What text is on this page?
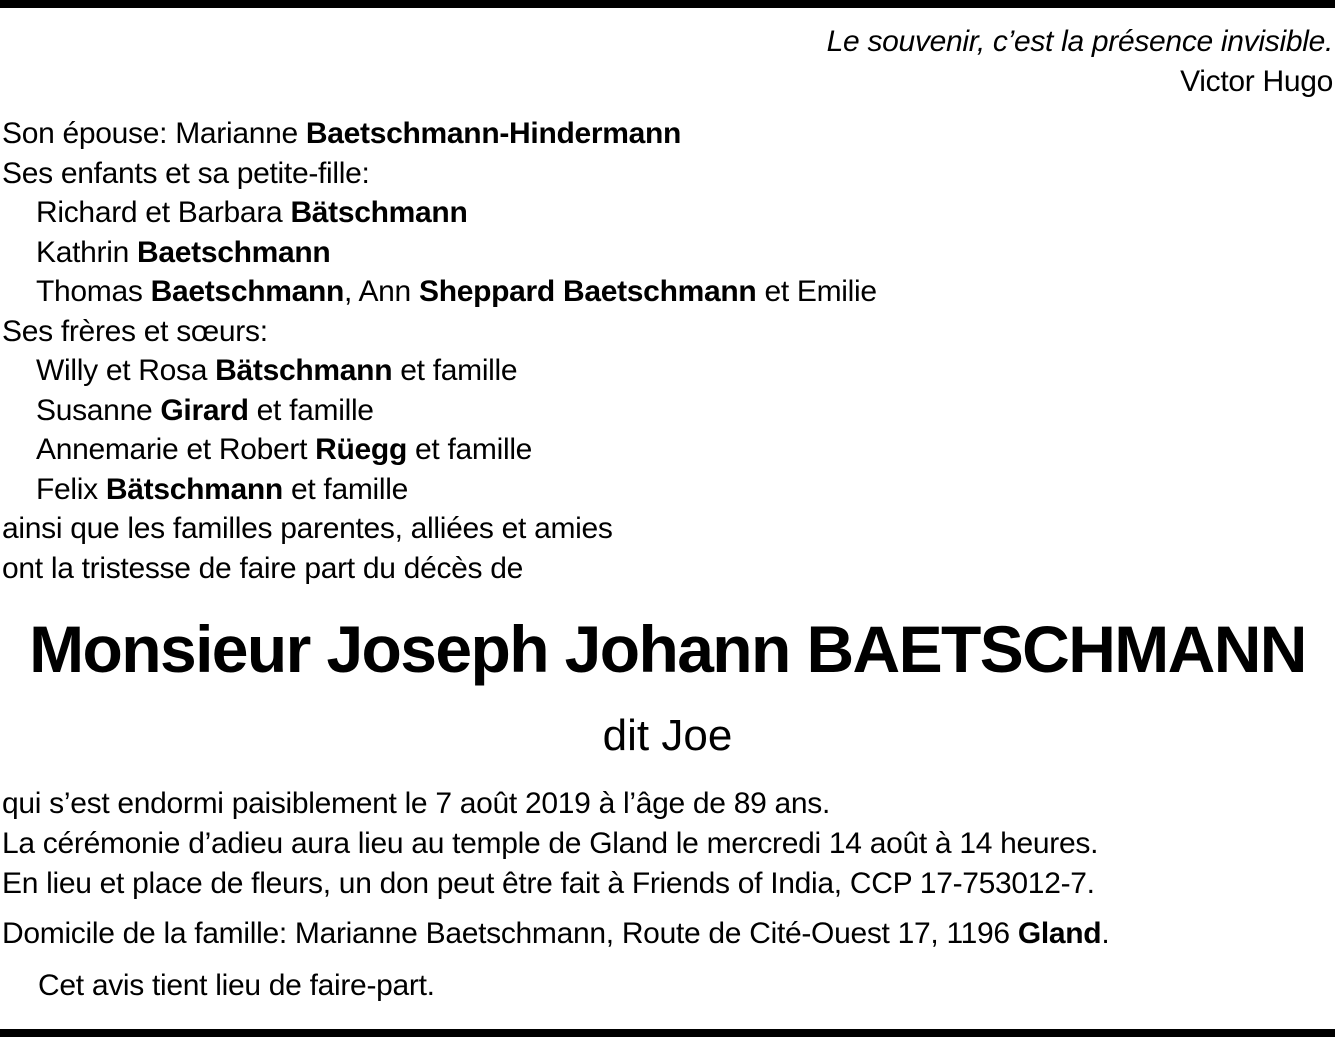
Le souvenir, c’est la présence invisible.
Victor Hugo
Son épouse: Marianne Baetschmann-Hindermann
Ses enfants et sa petite-fille:
Richard et Barbara Bätschmann
Kathrin Baetschmann
Thomas Baetschmann, Ann Sheppard Baetschmann et Emilie
Ses frères et sœurs:
Willy et Rosa Bätschmann et famille
Susanne Girard et famille
Annemarie et Robert Rüegg et famille
Felix Bätschmann et famille
ainsi que les familles parentes, alliées et amies
ont la tristesse de faire part du décès de
Monsieur Joseph Johann BAETSCHMANN
dit Joe
qui s’est endormi paisiblement le 7 août 2019 à l’âge de 89 ans.
La cérémonie d’adieu aura lieu au temple de Gland le mercredi 14 août à 14 heures.
En lieu et place de fleurs, un don peut être fait à Friends of India, CCP 17-753012-7.
Domicile de la famille: Marianne Baetschmann, Route de Cité-Ouest 17, 1196 Gland.
Cet avis tient lieu de faire-part.
